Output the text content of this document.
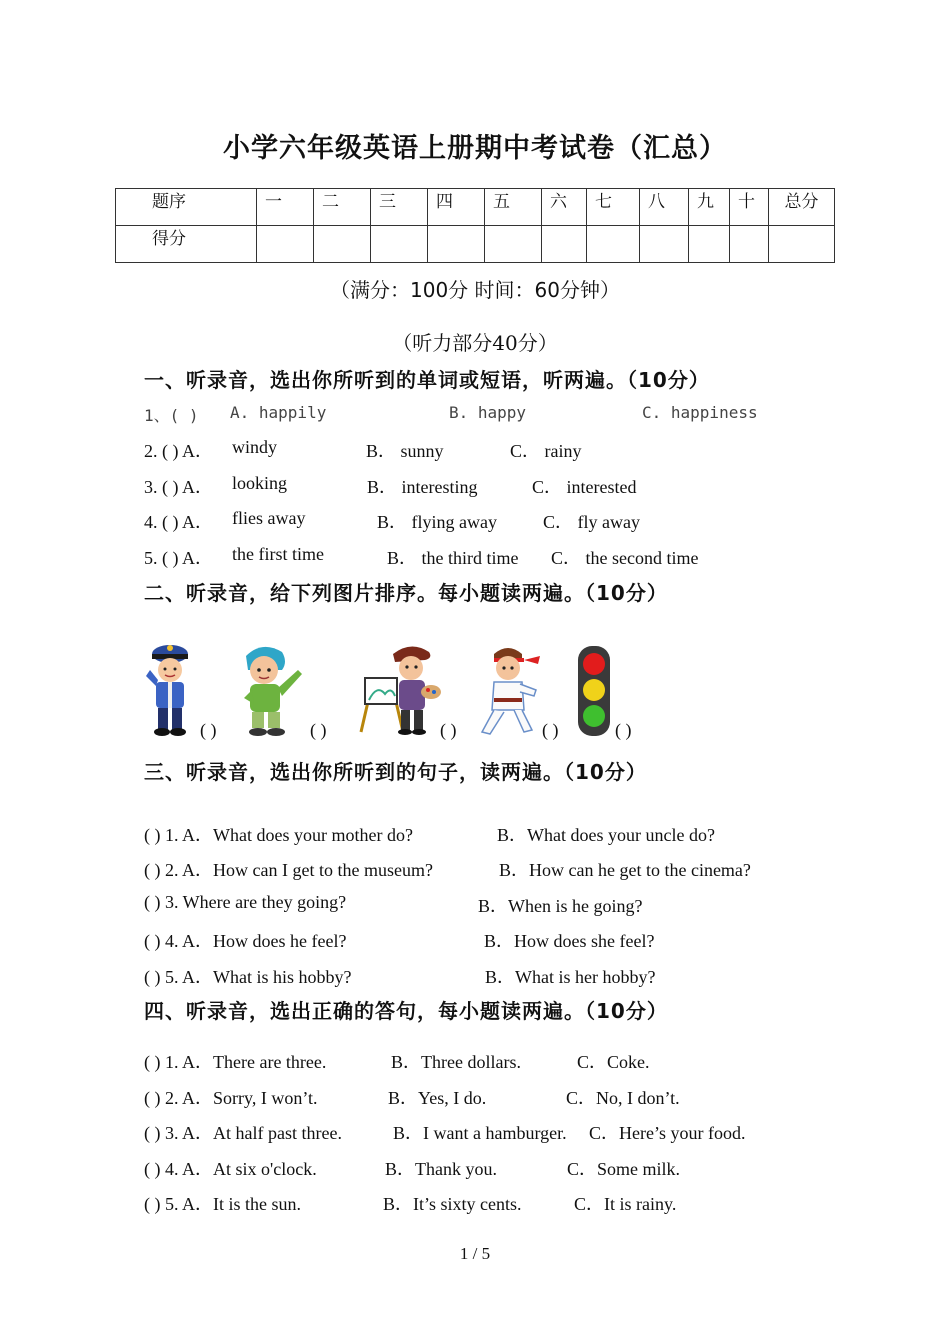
小学六年级英语上册期中考试卷（汇总）
题序	一	二	三	四	五	六	七	八	九	十	总分
得分											
（满分：100分 时间：60分钟）
（听力部分40分）
一、听录音，选出你所听到的单词或短语，听两遍。（10分）
1、( ) A. happily	B. happy	C. happiness
2. ( ) A． windy	B． sunny	C． rainy
3. ( ) A． looking	B． interesting	C． interested
4. ( ) A． flies away	B． flying away	C． fly away
5. ( ) A． the first time	B． the third time C． the second time
二、听录音，给下列图片排序。每小题读两遍。（10分）
( )	( )	( )	( )	( )
三、听录音，选出你所听到的句子，读两遍。（10分）
( ) 1. A．What does your mother do?	B．What does your uncle do?
( ) 2. A．How can I get to the museum?	B．How can he get to the cinema?
( ) 3. Where are they going?	B．When is he going?
( ) 4. A．How does he feel?	B．How does she feel?
( ) 5. A．What is his hobby?	B．What is her hobby?
四、听录音，选出正确的答句，每小题读两遍。（10分）
( ) 1. A．There are three.	B．Three dollars.	C．Coke.
( ) 2. A．Sorry, I won’t.	B．Yes, I do.	C．No, I don’t.
( ) 3. A．At half past three.	B．I want a hamburger. C．Here’s your food.
( ) 4. A．At six o'clock.	B．Thank you.	C．Some milk.
( ) 5. A．It is the sun.	B．It’s sixty cents.	C．It is rainy.
1 / 5
